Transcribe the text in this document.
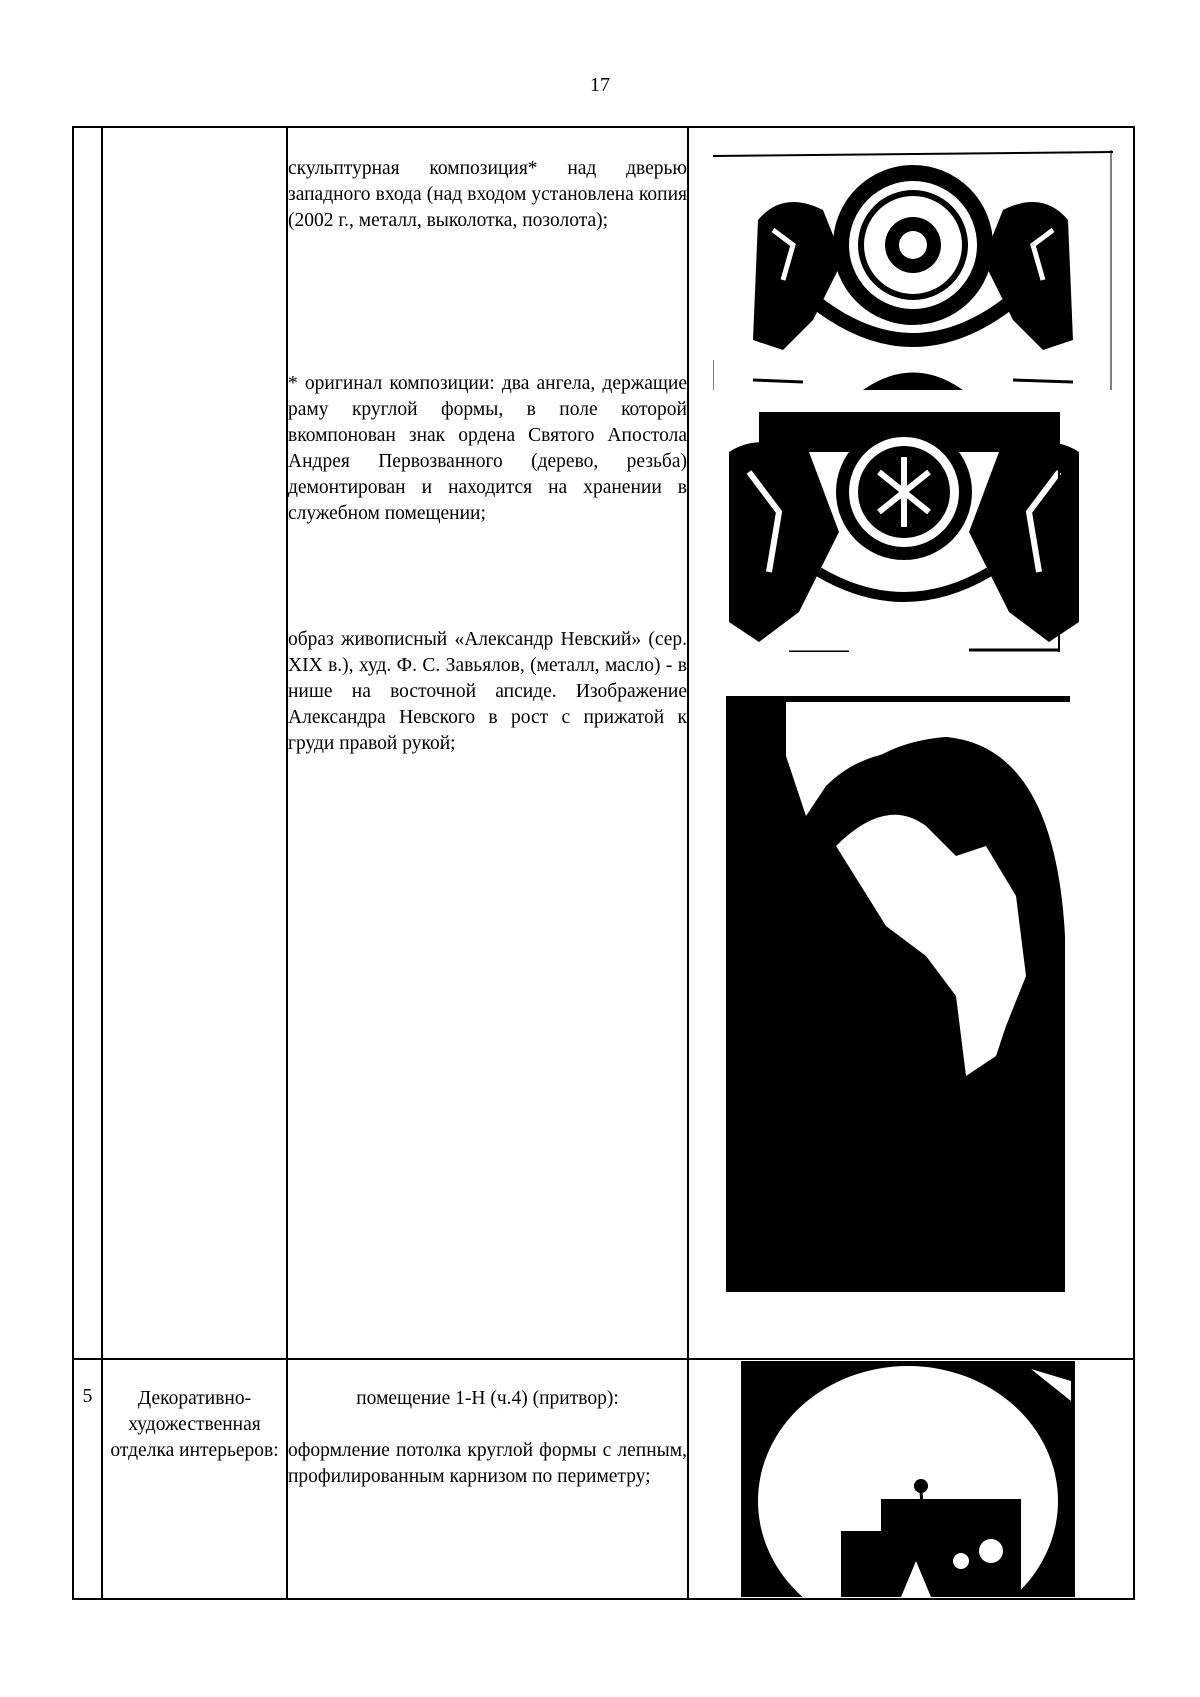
17

		скульптурная композиция* над дверью западного входа (над входом установлена копия (2002 г., металл, выколотка, позолота);

* оригинал композиции: два ангела, держащие раму круглой формы, в поле которой вкомпонован знак ордена Святого Апостола Андрея Первозванного (дерево, резьба) демонтирован и находится на хранении в служебном помещении;

образ живописный «Александр Невский» (сер. XIX в.), худ. Ф. С. Завьялов, (металл, масло) - в нише на восточной апсиде. Изображение Александра Невского в рост с прижатой к груди правой рукой;

5	Декоративно-художественная отделка интерьеров:	помещение 1-Н (ч.4) (притвор):

оформление потолка круглой формы с лепным, профилированным карнизом по периметру;
